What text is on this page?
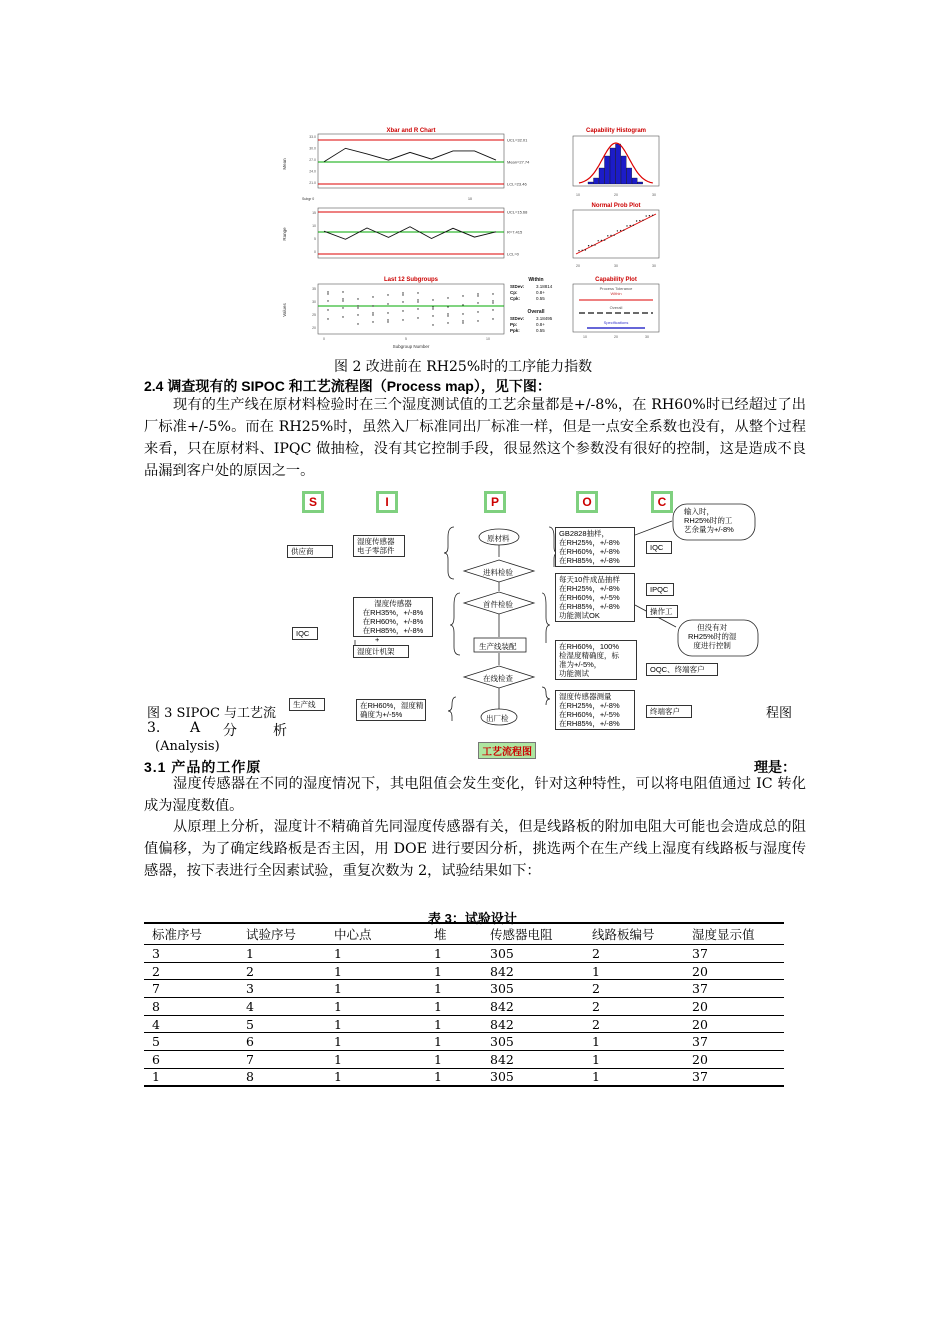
Xbar and R Chart
Mean
UCL=32.01
Mean=27.74
LCL=23.46
33.0
30.0
27.0
24.0
21.0
Subgr 0	10
Range
UCL=15.68
R=7.415
LCL=0
15
10
5
0
Last 12 Subgroups
Values
Subgroup Number
35
30
25
20
0	5	10
Capability Histogram
10	20	30
Normal Prob Plot
20	30	30
Within
StDev:	3.18814
Cp:	0.8+
Cpk:	0.55
Overall
StDev:	3.18495
Pp:	0.8+
Ppk:	0.55
Capability Plot
Process Tolerance
Within
Overall
Specifications
10	20	30
图 2 改进前在 RH25%时的工序能力指数
2.4 调查现有的 SIPOC 和工艺流程图（Process map），见下图：
现有的生产线在原材料检验时在三个湿度测试值的工艺余量都是+/-8%，在 RH60%时已经超过了出厂标准+/-5%。而在 RH25%时，虽然入厂标准同出厂标准一样，但是一点安全系数也没有，从整个过程来看，只在原材料、IPQC 做抽检，没有其它控制手段，很显然这个参数没有很好的控制，这是造成不良品漏到客户处的原因之一。
S	I	P	O	C
供应商
IQC
生产线
湿度传感器
电子零部件
湿度传感器
在RH35%，+/-8%
在RH60%，+/-8%
在RH85%，+/-8%
+
湿度计机架
在RH60%，湿度精
确度为+/-5%
原材料
进料检验
首件检验
生产线装配
在线检查
出厂检
GB2828抽样，
在RH25%，+/-8%
在RH60%，+/-8%
在RH85%，+/-8%
每天10件成品抽样
在RH25%，+/-8%
在RH60%，+/-5%
在RH85%，+/-8%
功能测试OK
在RH60%，100%
检湿度精确度，标
准为+/-5%，
功能测试
湿度传感器测量
在RH25%，+/-8%
在RH60%，+/-5%
在RH85%，+/-8%
IQC
IPQC
操作工
OQC、终端客户
终端客户
输入时，
RH25%时的工
艺余量为+/-8%
但没有对
RH25%时的湿
度进行控制
工艺流程图
图 3 SIPOC 与工艺流	程图
3. A 分	析
(Analysis)
3.1 产品的工作原	理是：
湿度传感器在不同的湿度情况下，其电阻值会发生变化，针对这种特性，可以将电阻值通过 IC 转化成为湿度数值。
从原理上分析，湿度计不精确首先同湿度传感器有关，但是线路板的附加电阻大可能也会造成总的阻值偏移，为了确定线路板是否主因，用 DOE 进行要因分析，挑选两个在生产线上湿度有线路板与湿度传感器，按下表进行全因素试验，重复次数为 2，试验结果如下：
表 3：试验设计
标准序号	试验序号	中心点	堆	传感器电阻	线路板编号	湿度显示值
3	1	1	1	305	2	37
2	2	1	1	842	1	20
7	3	1	1	305	2	37
8	4	1	1	842	2	20
4	5	1	1	842	2	20
5	6	1	1	305	1	37
6	7	1	1	842	1	20
1	8	1	1	305	1	37
